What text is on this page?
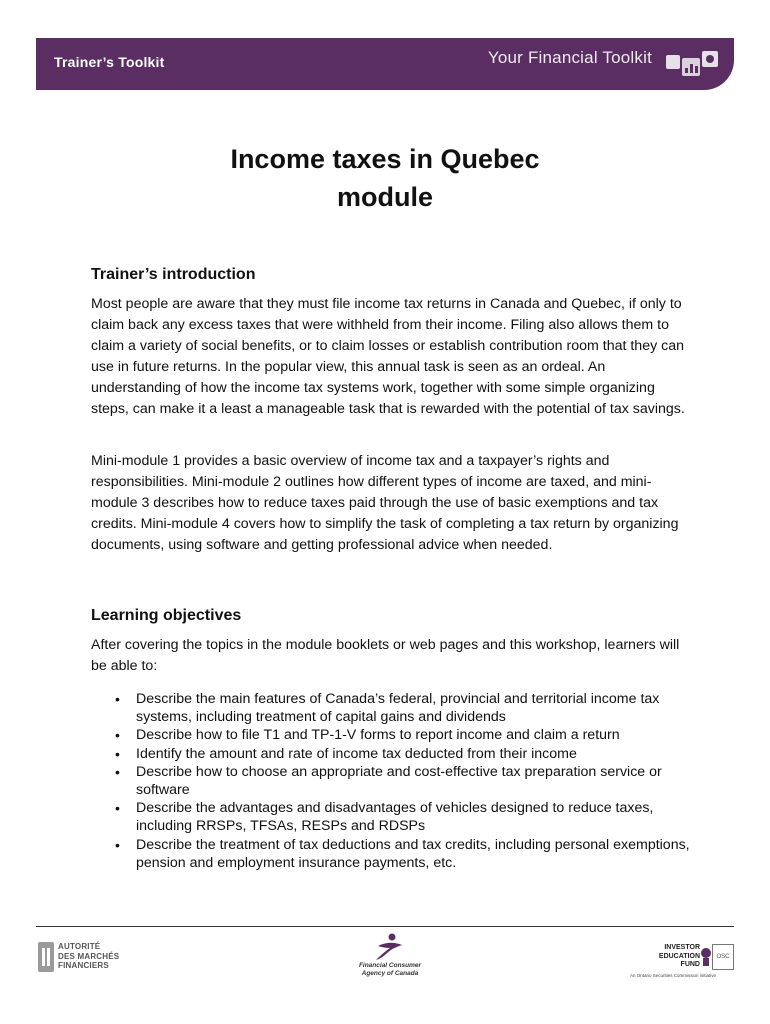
Trainer’s Toolkit	Your Financial Toolkit
Income taxes in Quebec
module
Trainer’s introduction
Most people are aware that they must file income tax returns in Canada and Quebec, if only to claim back any excess taxes that were withheld from their income. Filing also allows them to claim a variety of social benefits, or to claim losses or establish contribution room that they can use in future returns. In the popular view, this annual task is seen as an ordeal. An understanding of how the income tax systems work, together with some simple organizing steps, can make it a least a manageable task that is rewarded with the potential of tax savings.
Mini-module 1 provides a basic overview of income tax and a taxpayer’s rights and responsibilities. Mini-module 2 outlines how different types of income are taxed, and mini-module 3 describes how to reduce taxes paid through the use of basic exemptions and tax credits. Mini-module 4 covers how to simplify the task of completing a tax return by organizing documents, using software and getting professional advice when needed.
Learning objectives
After covering the topics in the module booklets or web pages and this workshop, learners will be able to:
• Describe the main features of Canada’s federal, provincial and territorial income tax systems, including treatment of capital gains and dividends
• Describe how to file T1 and TP-1-V forms to report income and claim a return
• Identify the amount and rate of income tax deducted from their income
• Describe how to choose an appropriate and cost-effective tax preparation service or software
• Describe the advantages and disadvantages of vehicles designed to reduce taxes, including RRSPs, TFSAs, RESPs and RDSPs
• Describe the treatment of tax deductions and tax credits, including personal exemptions, pension and employment insurance payments, etc.
AUTORITÉ
DES MARCHÉS
FINANCIERS	Financial Consumer
Agency of Canada
INVESTOR
EDUCATION
FUND
OSC
An Ontario Securities Commission initiative
